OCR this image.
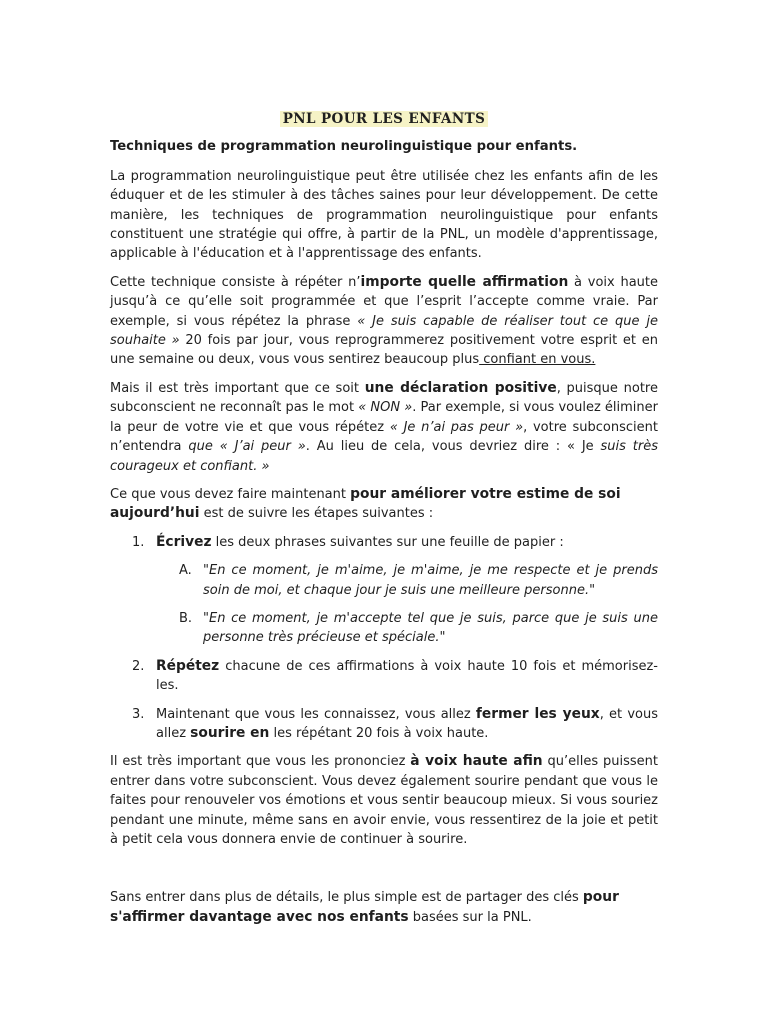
PNL POUR LES ENFANTS
Techniques de programmation neurolinguistique pour enfants.

La programmation neurolinguistique peut être utilisée chez les enfants afin de les éduquer et de les stimuler à des tâches saines pour leur développement. De cette manière, les techniques de programmation neurolinguistique pour enfants constituent une stratégie qui offre, à partir de la PNL, un modèle d'apprentissage, applicable à l'éducation et à l'apprentissage des enfants.

Cette technique consiste à répéter n’importe quelle affirmation à voix haute jusqu’à ce qu’elle soit programmée et que l’esprit l’accepte comme vraie. Par exemple, si vous répétez la phrase « Je suis capable de réaliser tout ce que je souhaite » 20 fois par jour, vous reprogrammerez positivement votre esprit et en une semaine ou deux, vous vous sentirez beaucoup plus confiant en vous.

Mais il est très important que ce soit une déclaration positive, puisque notre subconscient ne reconnaît pas le mot « NON ». Par exemple, si vous voulez éliminer la peur de votre vie et que vous répétez « Je n’ai pas peur », votre subconscient n’entendra que « J’ai peur ». Au lieu de cela, vous devriez dire : « Je suis très courageux et confiant. »

Ce que vous devez faire maintenant pour améliorer votre estime de soi aujourd’hui est de suivre les étapes suivantes :

1. Écrivez les deux phrases suivantes sur une feuille de papier :
A. "En ce moment, je m'aime, je m'aime, je me respecte et je prends soin de moi, et chaque jour je suis une meilleure personne."
B. "En ce moment, je m'accepte tel que je suis, parce que je suis une personne très précieuse et spéciale."
2. Répétez chacune de ces affirmations à voix haute 10 fois et mémorisez-les.
3. Maintenant que vous les connaissez, vous allez fermer les yeux, et vous allez sourire en les répétant 20 fois à voix haute.

Il est très important que vous les prononciez à voix haute afin qu’elles puissent entrer dans votre subconscient. Vous devez également sourire pendant que vous le faites pour renouveler vos émotions et vous sentir beaucoup mieux. Si vous souriez pendant une minute, même sans en avoir envie, vous ressentirez de la joie et petit à petit cela vous donnera envie de continuer à sourire.

Sans entrer dans plus de détails, le plus simple est de partager des clés pour s'affirmer davantage avec nos enfants basées sur la PNL.
